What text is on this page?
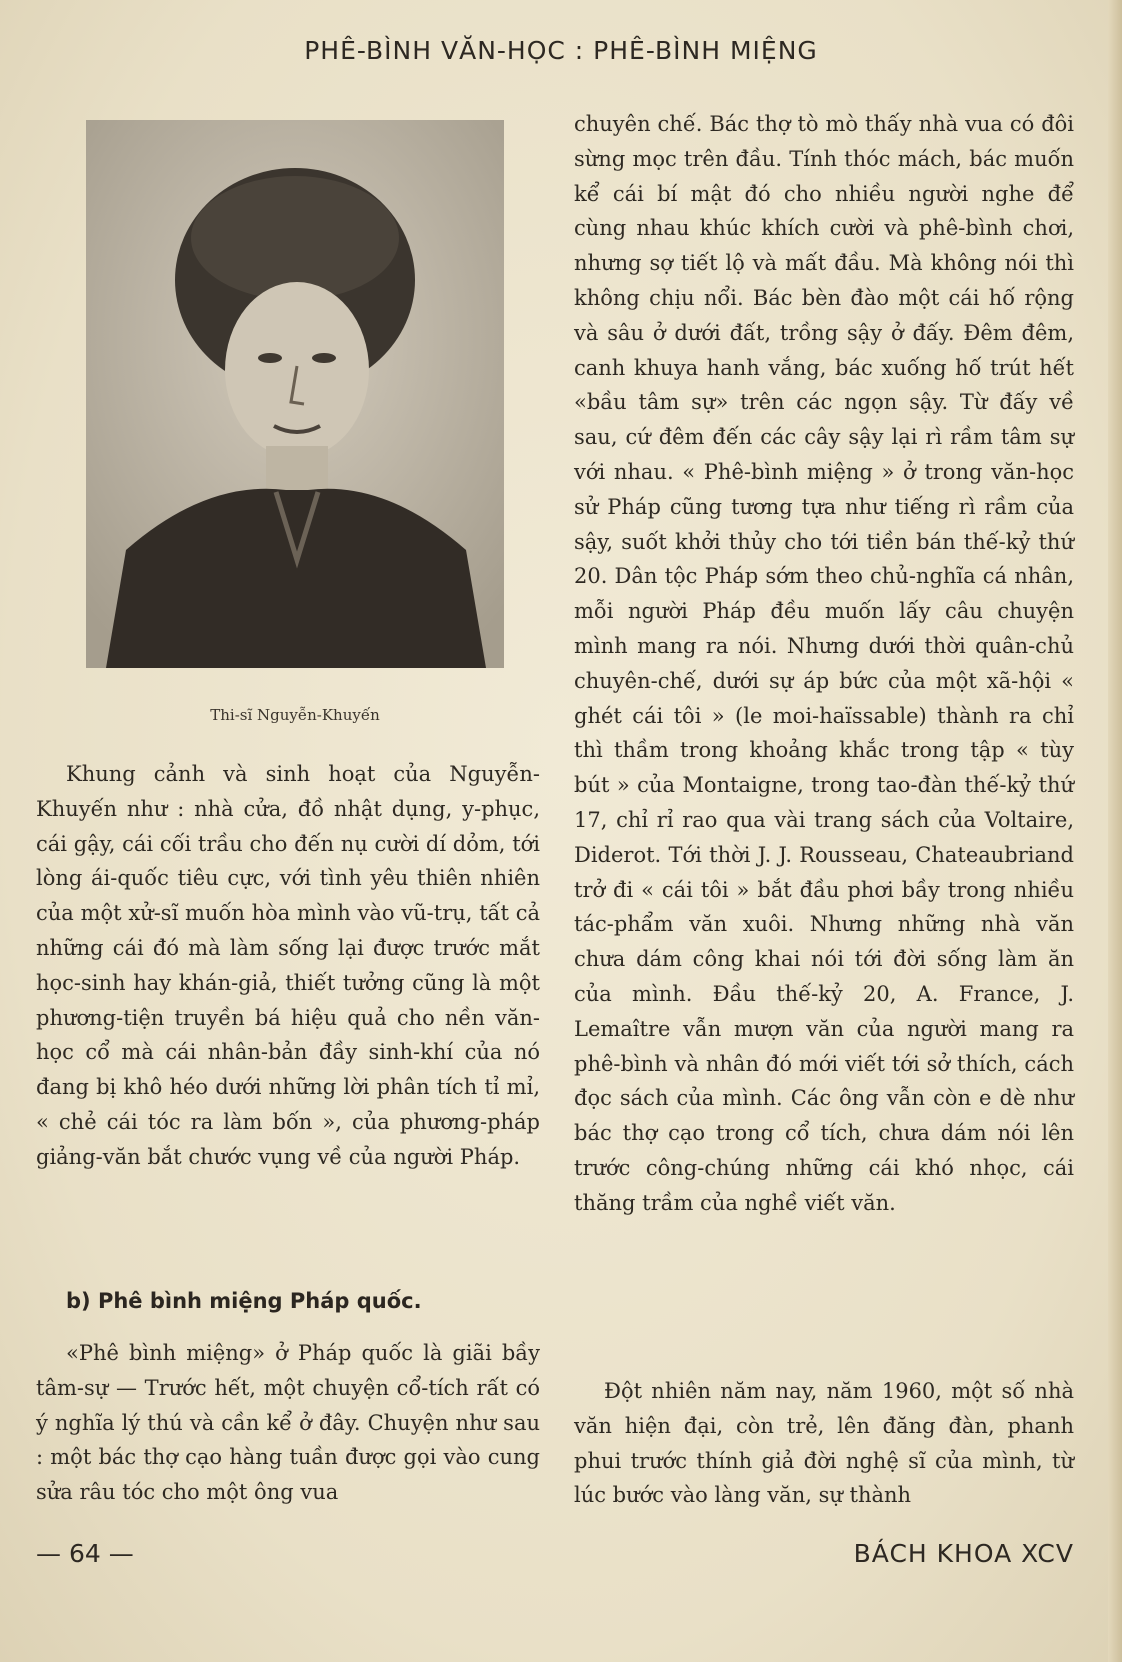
PHÊ-BÌNH VĂN-HỌC : PHÊ-BÌNH MIỆNG
Thi-sĩ Nguyễn-Khuyến

Khung cảnh và sinh hoạt của Nguyễn-Khuyến như : nhà cửa, đồ nhật dụng, y-phục, cái gậy, cái cối trầu cho đến nụ cười dí dỏm, tới lòng ái-quốc tiêu cực, với tình yêu thiên nhiên của một xử-sĩ muốn hòa mình vào vũ-trụ, tất cả những cái đó mà làm sống lại được trước mắt học-sinh hay khán-giả, thiết tưởng cũng là một phương-tiện truyền bá hiệu quả cho nền văn-học cổ mà cái nhân-bản đầy sinh-khí của nó đang bị khô héo dưới những lời phân tích tỉ mỉ, « chẻ cái tóc ra làm bốn », của phương-pháp giảng-văn bắt chước vụng về của người Pháp.

b) Phê bình miệng Pháp quốc.

«Phê bình miệng» ở Pháp quốc là giãi bầy tâm-sự — Trước hết, một chuyện cổ-tích rất có ý nghĩa lý thú và cần kể ở đây. Chuyện như sau : một bác thợ cạo hàng tuần được gọi vào cung sửa râu tóc cho một ông vua

chuyên chế. Bác thợ tò mò thấy nhà vua có đôi sừng mọc trên đầu. Tính thóc mách, bác muốn kể cái bí mật đó cho nhiều người nghe để cùng nhau khúc khích cười và phê-bình chơi, nhưng sợ tiết lộ và mất đầu. Mà không nói thì không chịu nổi. Bác bèn đào một cái hố rộng và sâu ở dưới đất, trồng sậy ở đấy. Đêm đêm, canh khuya hanh vắng, bác xuống hố trút hết «bầu tâm sự» trên các ngọn sậy. Từ đấy về sau, cứ đêm đến các cây sậy lại rì rầm tâm sự với nhau. « Phê-bình miệng » ở trong văn-học sử Pháp cũng tương tựa như tiếng rì rầm của sậy, suốt khởi thủy cho tới tiền bán thế-kỷ thứ 20. Dân tộc Pháp sớm theo chủ-nghĩa cá nhân, mỗi người Pháp đều muốn lấy câu chuyện mình mang ra nói. Nhưng dưới thời quân-chủ chuyên-chế, dưới sự áp bức của một xã-hội « ghét cái tôi » (le moi-haïssable) thành ra chỉ thì thầm trong khoảng khắc trong tập « tùy bút » của Montaigne, trong tao-đàn thế-kỷ thứ 17, chỉ rỉ rao qua vài trang sách của Voltaire, Diderot. Tới thời J. J. Rousseau, Chateaubriand trở đi « cái tôi » bắt đầu phơi bầy trong nhiều tác-phẩm văn xuôi. Nhưng những nhà văn chưa dám công khai nói tới đời sống làm ăn của mình. Đầu thế-kỷ 20, A. France, J. Lemaître vẫn mượn văn của người mang ra phê-bình và nhân đó mới viết tới sở thích, cách đọc sách của mình. Các ông vẫn còn e dè như bác thợ cạo trong cổ tích, chưa dám nói lên trước công-chúng những cái khó nhọc, cái thăng trầm của nghề viết văn.

Đột nhiên năm nay, năm 1960, một số nhà văn hiện đại, còn trẻ, lên đăng đàn, phanh phui trước thính giả đời nghệ sĩ của mình, từ lúc bước vào làng văn, sự thành

— 64 —	BÁCH KHOA XCV
